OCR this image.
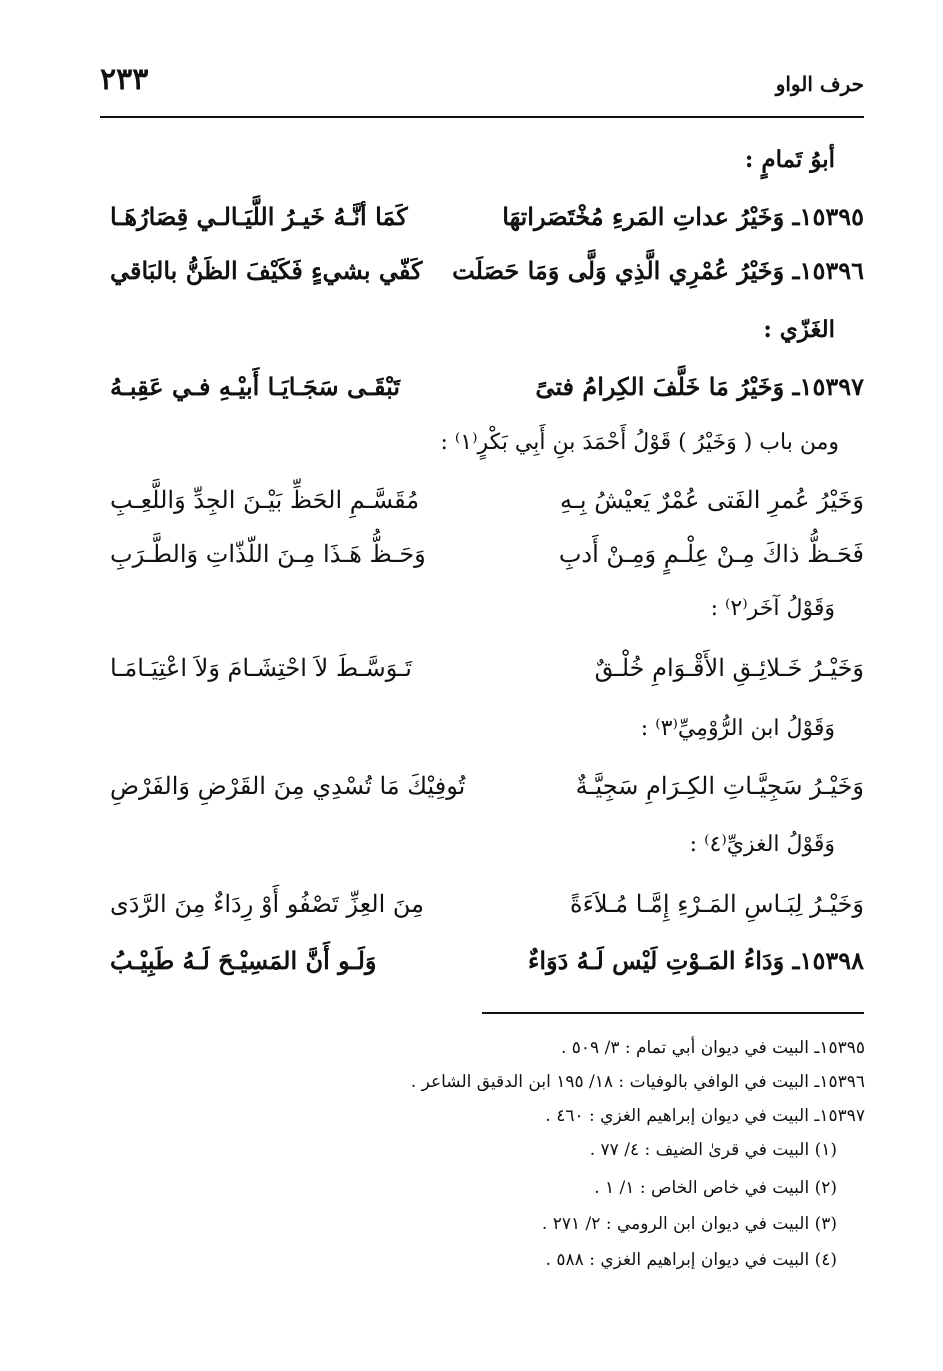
٢٣٣	حرف الواو
أبوُ تَمامٍ :
١٥٣٩٥ـ وَخَيْرُ عداتِ المَرءِ مُخْتَصَراتهَا
كَمَا أنَّـهُ خَيـرُ اللَّيَـالـي قِصَارُهَـا
١٥٣٩٦ـ وَخَيْرُ عُمْرِي الَّذِي وَلَّى وَمَا حَصَلَت
كَفّي بشيءٍ فَكَيْفَ الظَنُّ بالبَاقي
الغَزّي :
١٥٣٩٧ـ وَخَيْرُ مَا خَلَّفَ الكِرامُ فتىً
تَبْقَـى سَجَـايَـا أَبيْـهِ فـي عَقِبـهُ
ومن باب ( وَخَيْرُ ) قَوْلُ أَحْمَدَ بنِ أَبِي بَكْرٍ⁽١⁾ :
وَخَيْرُ عُمرِ الفَتى عُمْرٌ يَعيْشُ بِـهِ
مُقَسَّـمِ الحَظِّ بَيْـنَ الجِدِّ وَاللَّعِـبِ
فَحَـظُّ ذاكَ مِـنْ عِلْـمٍ وَمِـنْ أَدبِ
وَحَـظُّ هَـذَا مِـنَ اللّذّاتِ وَالطَّـرَبِ
وَقَوْلُ آخَر⁽٢⁾ :
وَخَيْـرُ خَـلائِـقِ الأَقْـوَامِ خُلْـقٌ
تَـوَسَّـطَ لاَ احْتِشَـامَ وَلاَ اعْتِيَـامَـا
وَقَوْلُ ابن الرُّوْمِيِّ⁽٣⁾ :
وَخَيْـرُ سَجِيَّـاتِ الكِـرَامِ سَجِيَّـةٌ
تُوفِيْكَ مَا تُسْدِي مِنَ القَرْضِ وَالفَرْضِ
وَقَوْلُ الغزيِّ⁽٤⁾ :
وَخَيْـرُ لِبَـاسِ المَـرْءِ إِمَّـا مُـلاَءَةً
مِنَ العِزِّ تَصْفُو أَوْ رِدَاءٌ مِنَ الرَّدَى
١٥٣٩٨ـ وَدَاءُ المَـوْتِ لَيْس لَـهُ دَوَاءٌ
وَلَـو أَنَّ المَسِيْـحَ لَـهُ طَبِيْـبُ
١٥٣٩٥ـ البيت في ديوان أبي تمام : ٣/ ٥٠٩ .
١٥٣٩٦ـ البيت في الوافي بالوفيات : ١٨/ ١٩٥ ابن الدقيق الشاعر .
١٥٣٩٧ـ البيت في ديوان إبراهيم الغزي : ٤٦٠ .
(١) البيت في قرىٰ الضيف : ٤/ ٧٧ .
(٢) البيت في خاص الخاص : ١/ ١ .
(٣) البيت في ديوان ابن الرومي : ٢/ ٢٧١ .
(٤) البيت في ديوان إبراهيم الغزي : ٥٨٨ .
